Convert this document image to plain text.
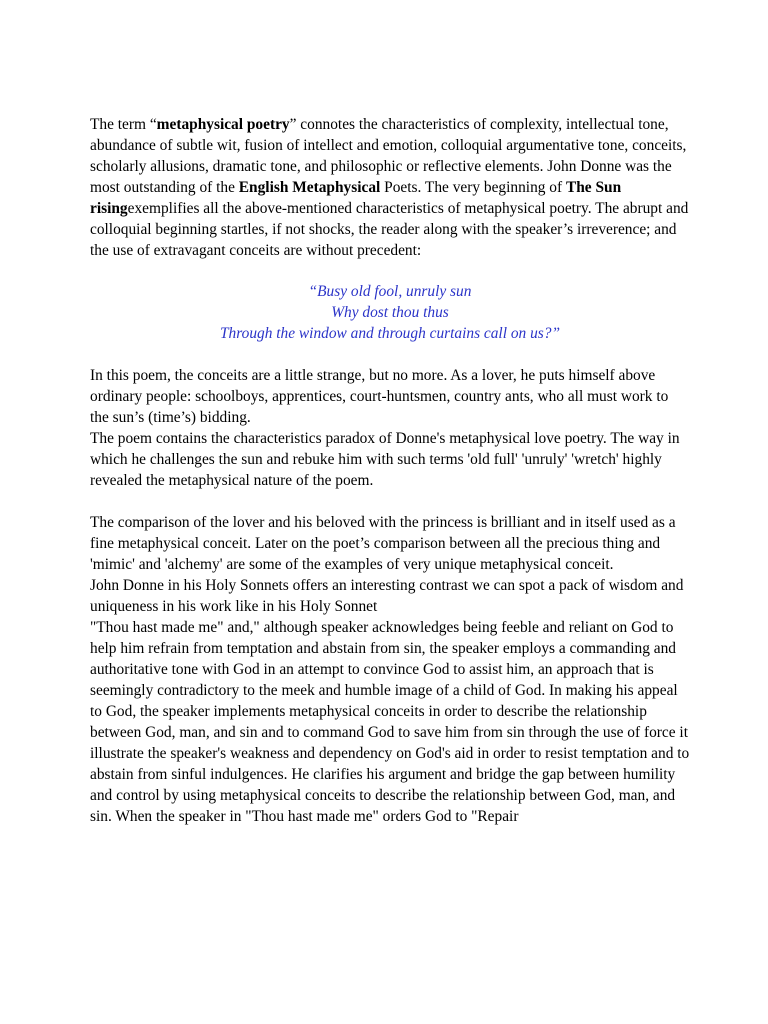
The term “metaphysical poetry” connotes the characteristics of complexity, intellectual tone, abundance of subtle wit, fusion of intellect and emotion, colloquial argumentative tone, conceits, scholarly allusions, dramatic tone, and philosophic or reflective elements. John Donne was the most outstanding of the English Metaphysical Poets. The very beginning of The Sun risingexemplifies all the above-mentioned characteristics of metaphysical poetry. The abrupt and colloquial beginning startles, if not shocks, the reader along with the speaker’s irreverence; and the use of extravagant conceits are without precedent:

“Busy old fool, unruly sun

Why dost thou thus

Through the window and through curtains call on us?”

In this poem, the conceits are a little strange, but no more. As a lover, he puts himself above ordinary people: schoolboys, apprentices, court-huntsmen, country ants, who all must work to the sun’s (time’s) bidding.

The poem contains the characteristics paradox of Donne's metaphysical love poetry. The way in which he challenges the sun and rebuke him with such terms 'old full' 'unruly' 'wretch' highly revealed the metaphysical nature of the poem.

The comparison of the lover and his beloved with the princess is brilliant and in itself used as a fine metaphysical conceit. Later on the poet’s comparison between all the precious thing and 'mimic' and 'alchemy' are some of the examples of very unique metaphysical conceit.

John Donne in his Holy Sonnets offers an interesting contrast we can spot a pack of wisdom and uniqueness in his work like in his Holy Sonnet

"Thou hast made me" and," although speaker acknowledges being feeble and reliant on God to help him refrain from temptation and abstain from sin, the speaker employs a commanding and authoritative tone with God in an attempt to convince God to assist him, an approach that is seemingly contradictory to the meek and humble image of a child of God. In making his appeal to God, the speaker implements metaphysical conceits in order to describe the relationship between God, man, and sin and to command God to save him from sin through the use of force it illustrate the speaker's weakness and dependency on God's aid in order to resist temptation and to abstain from sinful indulgences. He clarifies his argument and bridge the gap between humility and control by using metaphysical conceits to describe the relationship between God, man, and sin. When the speaker in "Thou hast made me" orders God to "Repair
